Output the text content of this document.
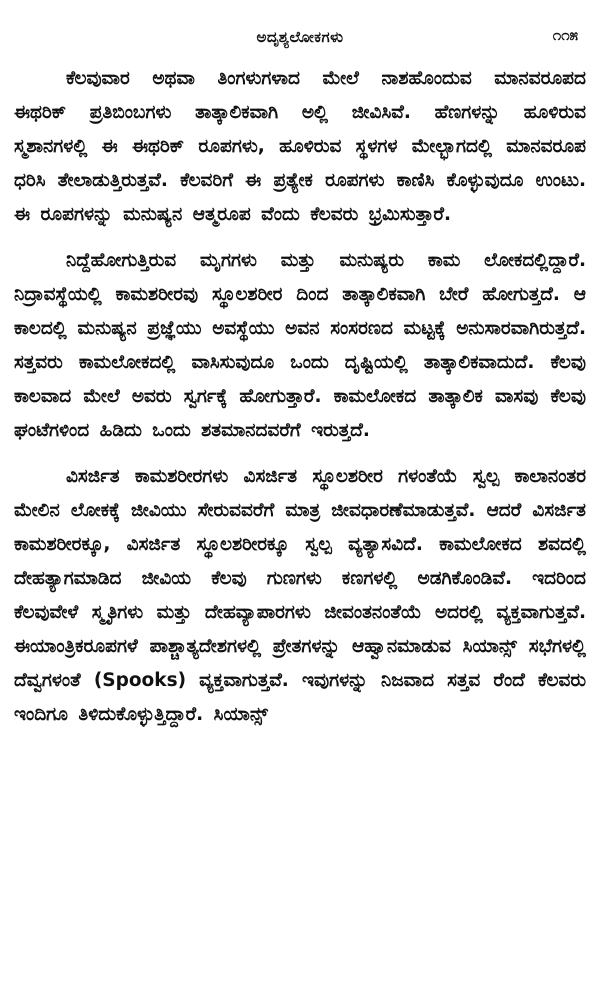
ಅದೃಶ್ಯಲೋಕಗಳು	೧೧೫

ಕೆಲವುವಾರ ಅಥವಾ ತಿಂಗಳುಗಳಾದ ಮೇಲೆ ನಾಶಹೊಂದುವ ಮಾನವರೂಪದ ಈಥರಿಕ್ ಪ್ರತಿಬಿಂಬಗಳು ತಾತ್ಕಾಲಿಕವಾಗಿ ಅಲ್ಲಿ ಜೀವಿಸಿವೆ. ಹೆಣಗಳನ್ನು ಹೂಳಿರುವ ಸ್ಮಶಾನಗಳಲ್ಲಿ ಈ ಈಥರಿಕ್ ರೂಪಗಳು, ಹೂಳಿರುವ ಸ್ಥಳಗಳ ಮೇಲ್ಭಾಗದಲ್ಲಿ ಮಾನವರೂಪ ಧರಿಸಿ ತೇಲಾಡುತ್ತಿರುತ್ತವೆ. ಕೆಲವರಿಗೆ ಈ ಪ್ರತ್ಯೇಕ ರೂಪಗಳು ಕಾಣಿಸಿ ಕೊಳ್ಳುವುದೂ ಉಂಟು. ಈ ರೂಪಗಳನ್ನು ಮನುಷ್ಯನ ಆತ್ಮರೂಪ ವೆಂದು ಕೆಲವರು ಭ್ರಮಿಸುತ್ತಾರೆ.

ನಿದ್ದೆಹೋಗುತ್ತಿರುವ ಮೃಗಗಳು ಮತ್ತು ಮನುಷ್ಯರು ಕಾಮ ಲೋಕದಲ್ಲಿದ್ದಾರೆ. ನಿದ್ರಾವಸ್ಥೆಯಲ್ಲಿ ಕಾಮಶರೀರವು ಸ್ಥೂಲಶರೀರ ದಿಂದ ತಾತ್ಕಾಲಿಕವಾಗಿ ಬೇರೆ ಹೋಗುತ್ತದೆ. ಆ ಕಾಲದಲ್ಲಿ ಮನುಷ್ಯನ ಪ್ರಜ್ಞೆಯು ಅವಸ್ಥೆಯು ಅವನ ಸಂಸರಣದ ಮಟ್ಟಕ್ಕೆ ಅನುಸಾರವಾಗಿರುತ್ತದೆ. ಸತ್ತವರು ಕಾಮಲೋಕದಲ್ಲಿ ವಾಸಿಸುವುದೂ ಒಂದು ದೃಷ್ಟಿಯಲ್ಲಿ ತಾತ್ಕಾಲಿಕವಾದುದೆ. ಕೆಲವು ಕಾಲವಾದ ಮೇಲೆ ಅವರು ಸ್ವರ್ಗಕ್ಕೆ ಹೋಗುತ್ತಾರೆ. ಕಾಮಲೋಕದ ತಾತ್ಕಾಲಿಕ ವಾಸವು ಕೆಲವು ಘಂಟೆಗಳಿಂದ ಹಿಡಿದು ಒಂದು ಶತಮಾನದವರೆಗೆ ಇರುತ್ತದೆ.

ವಿಸರ್ಜಿತ ಕಾಮಶರೀರಗಳು ವಿಸರ್ಜಿತ ಸ್ಥೂಲಶರೀರ ಗಳಂತೆಯೆ ಸ್ವಲ್ಪ ಕಾಲಾನಂತರ ಮೇಲಿನ ಲೋಕಕ್ಕೆ ಜೀವಿಯು ಸೇರುವವರೆಗೆ ಮಾತ್ರ ಜೀವಧಾರಣೆಮಾಡುತ್ತವೆ. ಆದರೆ ವಿಸರ್ಜಿತ ಕಾಮಶರೀರಕ್ಕೂ, ವಿಸರ್ಜಿತ ಸ್ಥೂಲಶರೀರಕ್ಕೂ ಸ್ವಲ್ಪ ವ್ಯತ್ಯಾಸವಿದೆ. ಕಾಮಲೋಕದ ಶವದಲ್ಲಿ ದೇಹತ್ಯಾಗಮಾಡಿದ ಜೀವಿಯ ಕೆಲವು ಗುಣಗಳು ಕಣಗಳಲ್ಲಿ ಅಡಗಿಕೊಂಡಿವೆ. ಇದರಿಂದ ಕೆಲವುವೇಳೆ ಸ್ಮೃತಿಗಳು ಮತ್ತು ದೇಹವ್ಯಾಪಾರಗಳು ಜೀವಂತನಂತೆಯೆ ಅದರಲ್ಲಿ ವ್ಯಕ್ತವಾಗುತ್ತವೆ. ಈಯಾಂತ್ರಿಕರೂಪಗಳೆ ಪಾಶ್ಚಾತ್ಯದೇಶಗಳಲ್ಲಿ ಪ್ರೇತಗಳನ್ನು ಆಹ್ವಾನಮಾಡುವ ಸಿಯಾನ್ಸ್ ಸಭೆಗಳಲ್ಲಿ ದೆವ್ವಗಳಂತೆ (Spooks) ವ್ಯಕ್ತವಾಗುತ್ತವೆ. ಇವುಗಳನ್ನು ನಿಜವಾದ ಸತ್ತವ ರೆಂದೆ ಕೆಲವರು ಇಂದಿಗೂ ತಿಳಿದುಕೊಳ್ಳುತ್ತಿದ್ದಾರೆ. ಸಿಯಾನ್ಸ್
